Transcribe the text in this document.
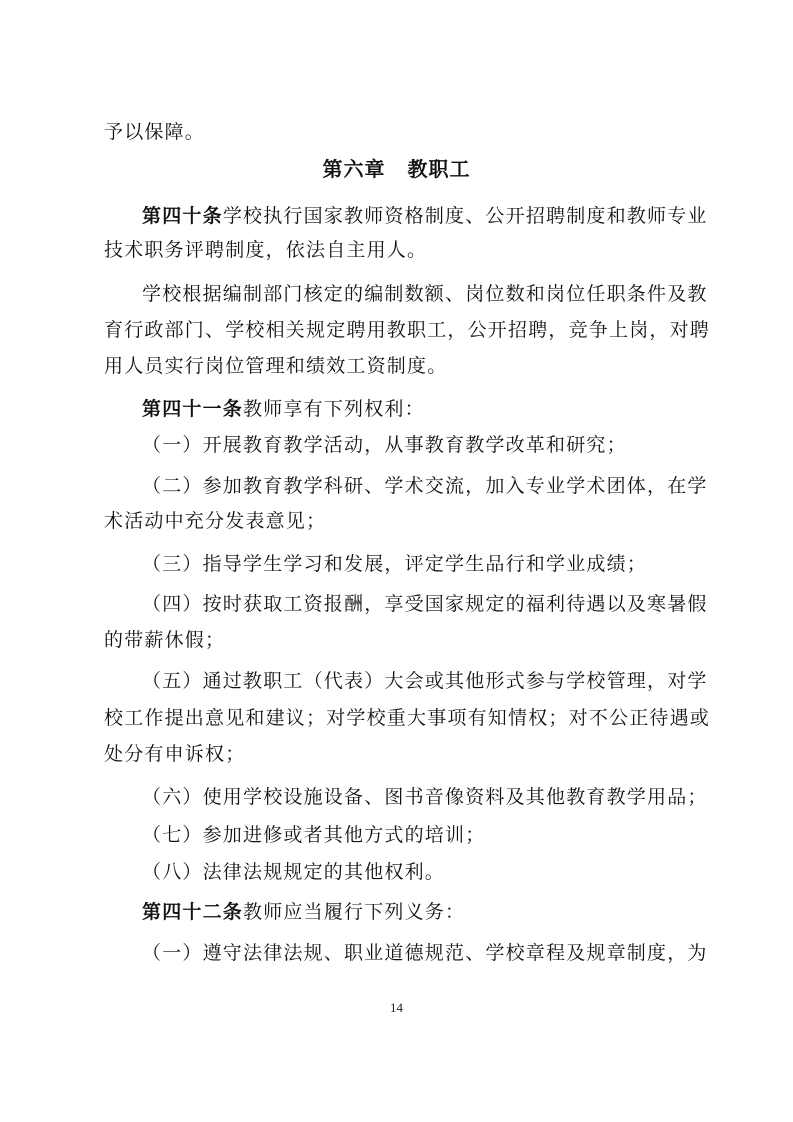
予以保障。
第六章 教职工
第四十条学校执行国家教师资格制度、公开招聘制度和教师专业
技术职务评聘制度，依法自主用人。
学校根据编制部门核定的编制数额、岗位数和岗位任职条件及教
育行政部门、学校相关规定聘用教职工，公开招聘，竞争上岗，对聘
用人员实行岗位管理和绩效工资制度。
第四十一条教师享有下列权利：
（一）开展教育教学活动，从事教育教学改革和研究；
（二）参加教育教学科研、学术交流，加入专业学术团体，在学
术活动中充分发表意见；
（三）指导学生学习和发展，评定学生品行和学业成绩；
（四）按时获取工资报酬，享受国家规定的福利待遇以及寒暑假
的带薪休假；
（五）通过教职工（代表）大会或其他形式参与学校管理，对学
校工作提出意见和建议；对学校重大事项有知情权；对不公正待遇或
处分有申诉权；
（六）使用学校设施设备、图书音像资料及其他教育教学用品；
（七）参加进修或者其他方式的培训；
（八）法律法规规定的其他权利。
第四十二条教师应当履行下列义务：
（一）遵守法律法规、职业道德规范、学校章程及规章制度，为
14
